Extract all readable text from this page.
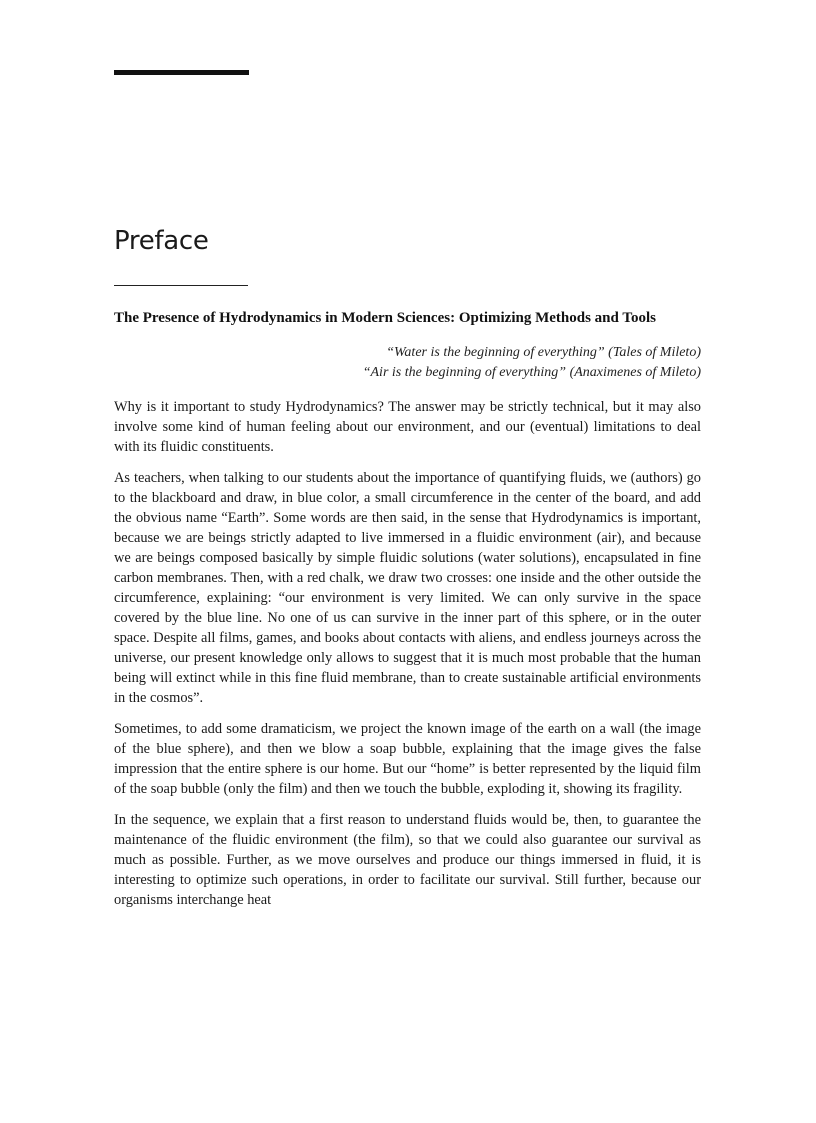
Preface
The Presence of Hydrodynamics in Modern Sciences: Optimizing Methods and Tools
“Water is the beginning of everything” (Tales of Mileto)
“Air is the beginning of everything” (Anaximenes of Mileto)

Why is it important to study Hydrodynamics? The answer may be strictly technical, but it may also involve some kind of human feeling about our environment, and our (eventual) limitations to deal with its fluidic constituents.

As teachers, when talking to our students about the importance of quantifying fluids, we (authors) go to the blackboard and draw, in blue color, a small circumference in the center of the board, and add the obvious name “Earth”. Some words are then said, in the sense that Hydrodynamics is important, because we are beings strictly adapted to live immersed in a fluidic environment (air), and because we are beings composed basically by simple fluidic solutions (water solutions), encapsulated in fine carbon membranes. Then, with a red chalk, we draw two crosses: one inside and the other outside the circumference, explaining: “our environment is very limited. We can only survive in the space covered by the blue line. No one of us can survive in the inner part of this sphere, or in the outer space. Despite all films, games, and books about contacts with aliens, and endless journeys across the universe, our present knowledge only allows to suggest that it is much most probable that the human being will extinct while in this fine fluid membrane, than to create sustainable artificial environments in the cosmos”.

Sometimes, to add some dramaticism, we project the known image of the earth on a wall (the image of the blue sphere), and then we blow a soap bubble, explaining that the image gives the false impression that the entire sphere is our home. But our “home” is better represented by the liquid film of the soap bubble (only the film) and then we touch the bubble, exploding it, showing its fragility.

In the sequence, we explain that a first reason to understand fluids would be, then, to guarantee the maintenance of the fluidic environment (the film), so that we could also guarantee our survival as much as possible. Further, as we move ourselves and produce our things immersed in fluid, it is interesting to optimize such operations, in order to facilitate our survival. Still further, because our organisms interchange heat
